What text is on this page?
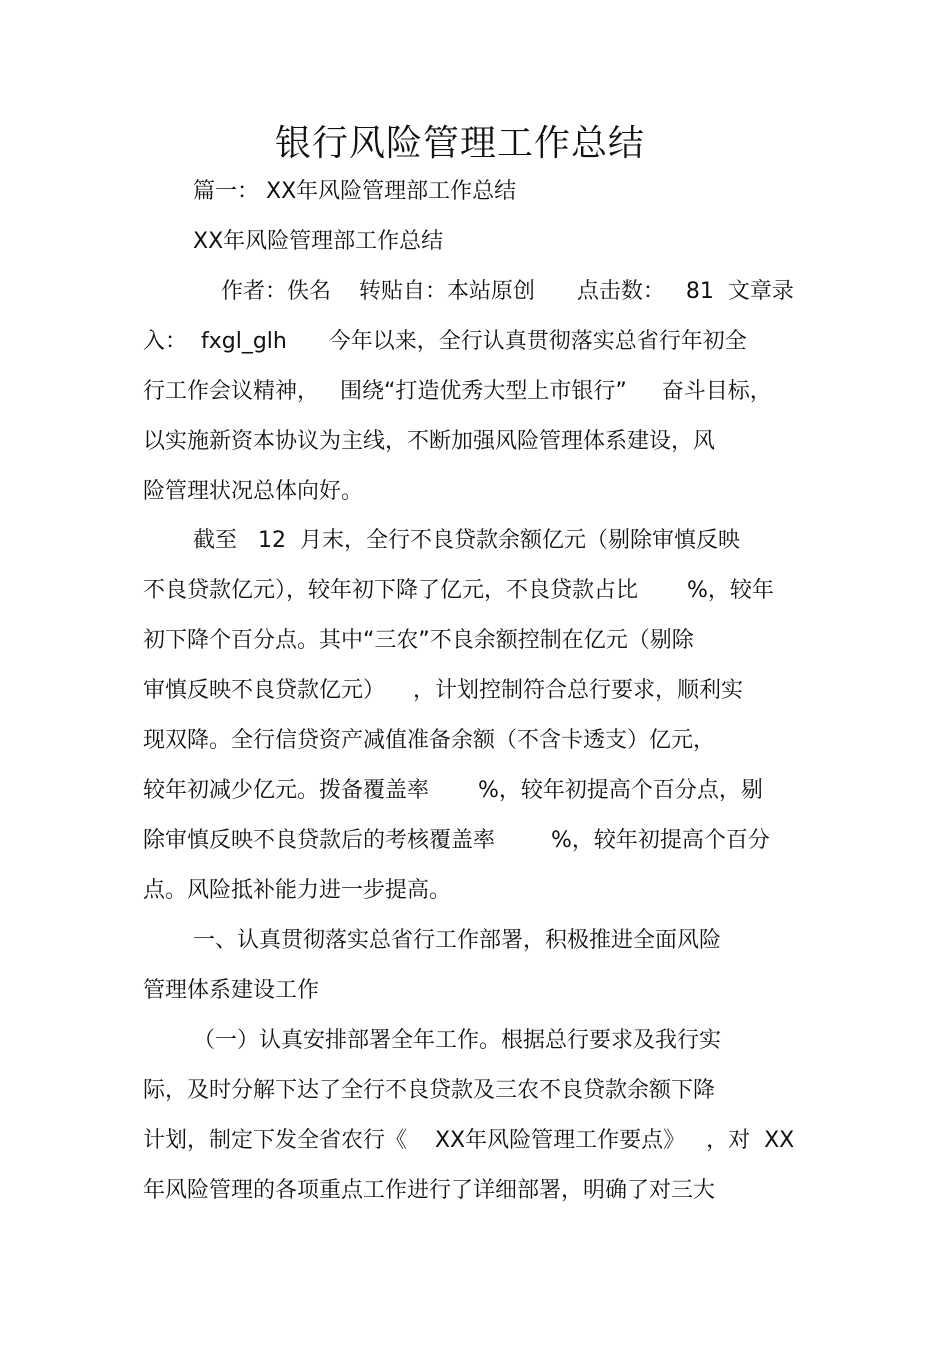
银行风险管理工作总结
篇一： XX年风险管理部工作总结
XX年风险管理部工作总结
作者：佚名    转贴自：本站原创      点击数：   81  文章录
入：  fxgl_glh      今年以来，全行认真贯彻落实总省行年初全
行工作会议精神，   围绕“打造优秀大型上市银行”     奋斗目标，
以实施新资本协议为主线，不断加强风险管理体系建设，风
险管理状况总体向好。
截至   12  月末，全行不良贷款余额亿元（剔除审慎反映
不良贷款亿元），较年初下降了亿元，不良贷款占比       %，较年
初下降个百分点。其中“三农”不良余额控制在亿元（剔除
审慎反映不良贷款亿元）    ，计划控制符合总行要求，顺利实
现双降。全行信贷资产减值准备余额（不含卡透支）亿元，
较年初减少亿元。拨备覆盖率       %，较年初提高个百分点，剔
除审慎反映不良贷款后的考核覆盖率        %，较年初提高个百分
点。风险抵补能力进一步提高。
一、认真贯彻落实总省行工作部署，积极推进全面风险
管理体系建设工作
（一）认真安排部署全年工作。根据总行要求及我行实
际，及时分解下达了全行不良贷款及三农不良贷款余额下降
计划，制定下发全省农行《    XX年风险管理工作要点》   ，对  XX
年风险管理的各项重点工作进行了详细部署，明确了对三大
